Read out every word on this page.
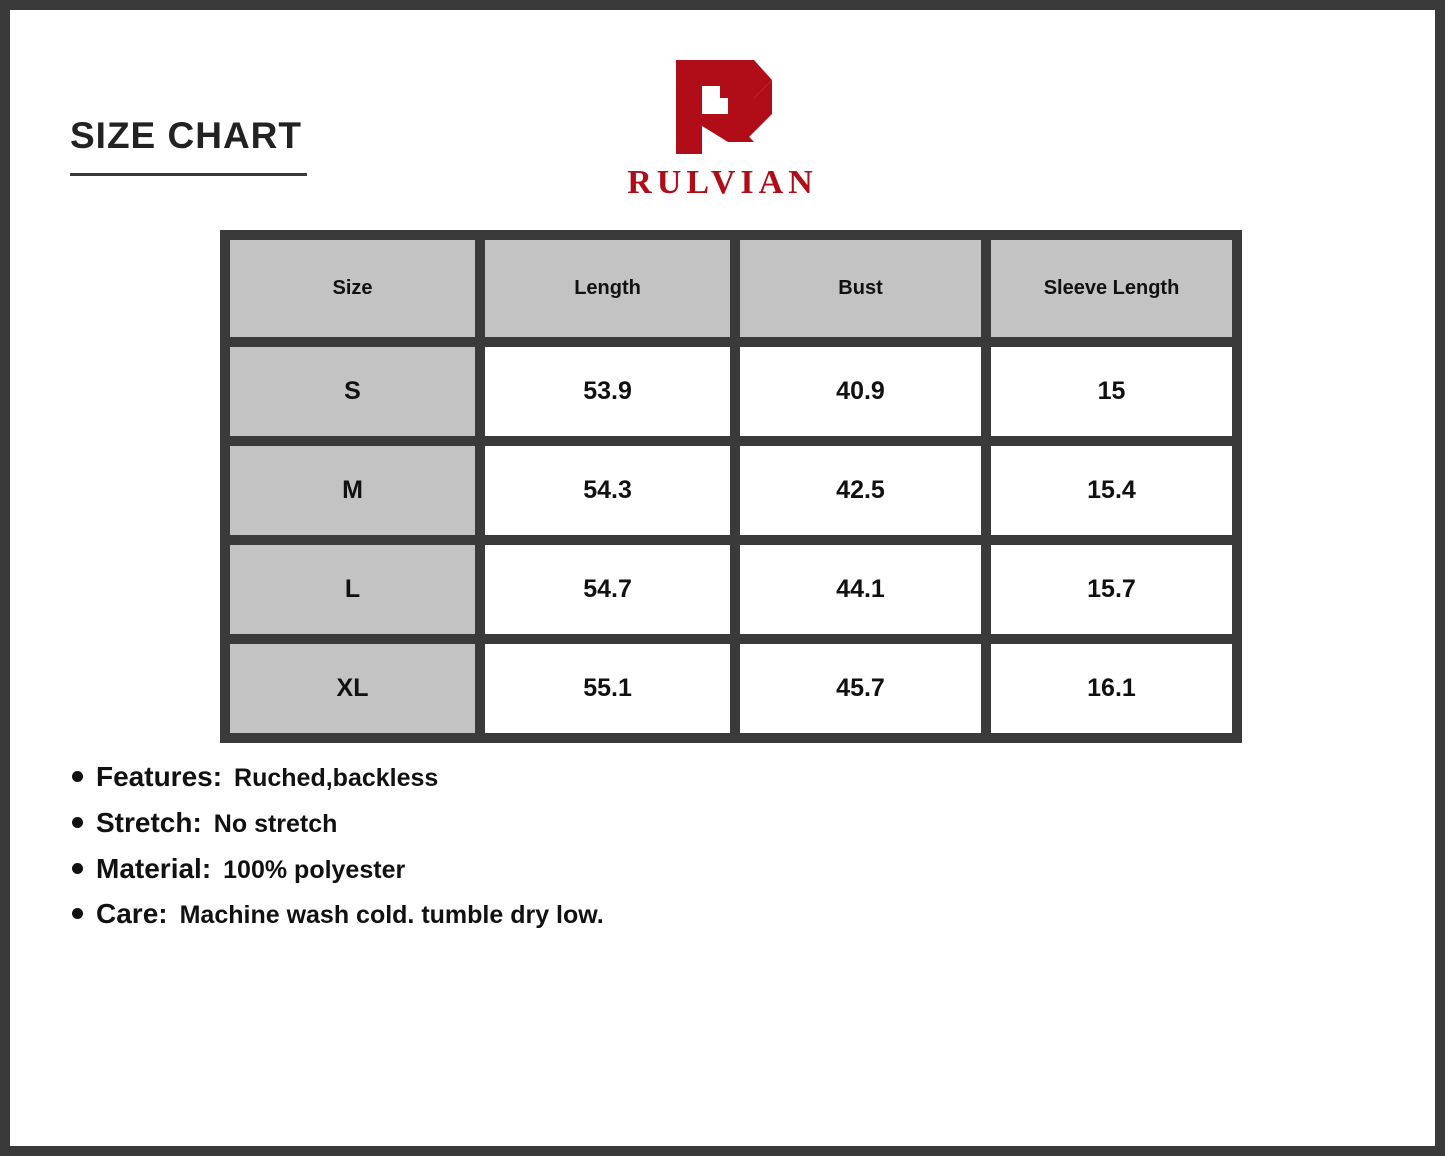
SIZE CHART
RULVIAN
Size	Length	Bust	Sleeve Length
S	53.9	40.9	15
M	54.3	42.5	15.4
L	54.7	44.1	15.7
XL	55.1	45.7	16.1
Features: Ruched,backless
Stretch: No stretch
Material: 100% polyester
Care: Machine wash cold. tumble dry low.
